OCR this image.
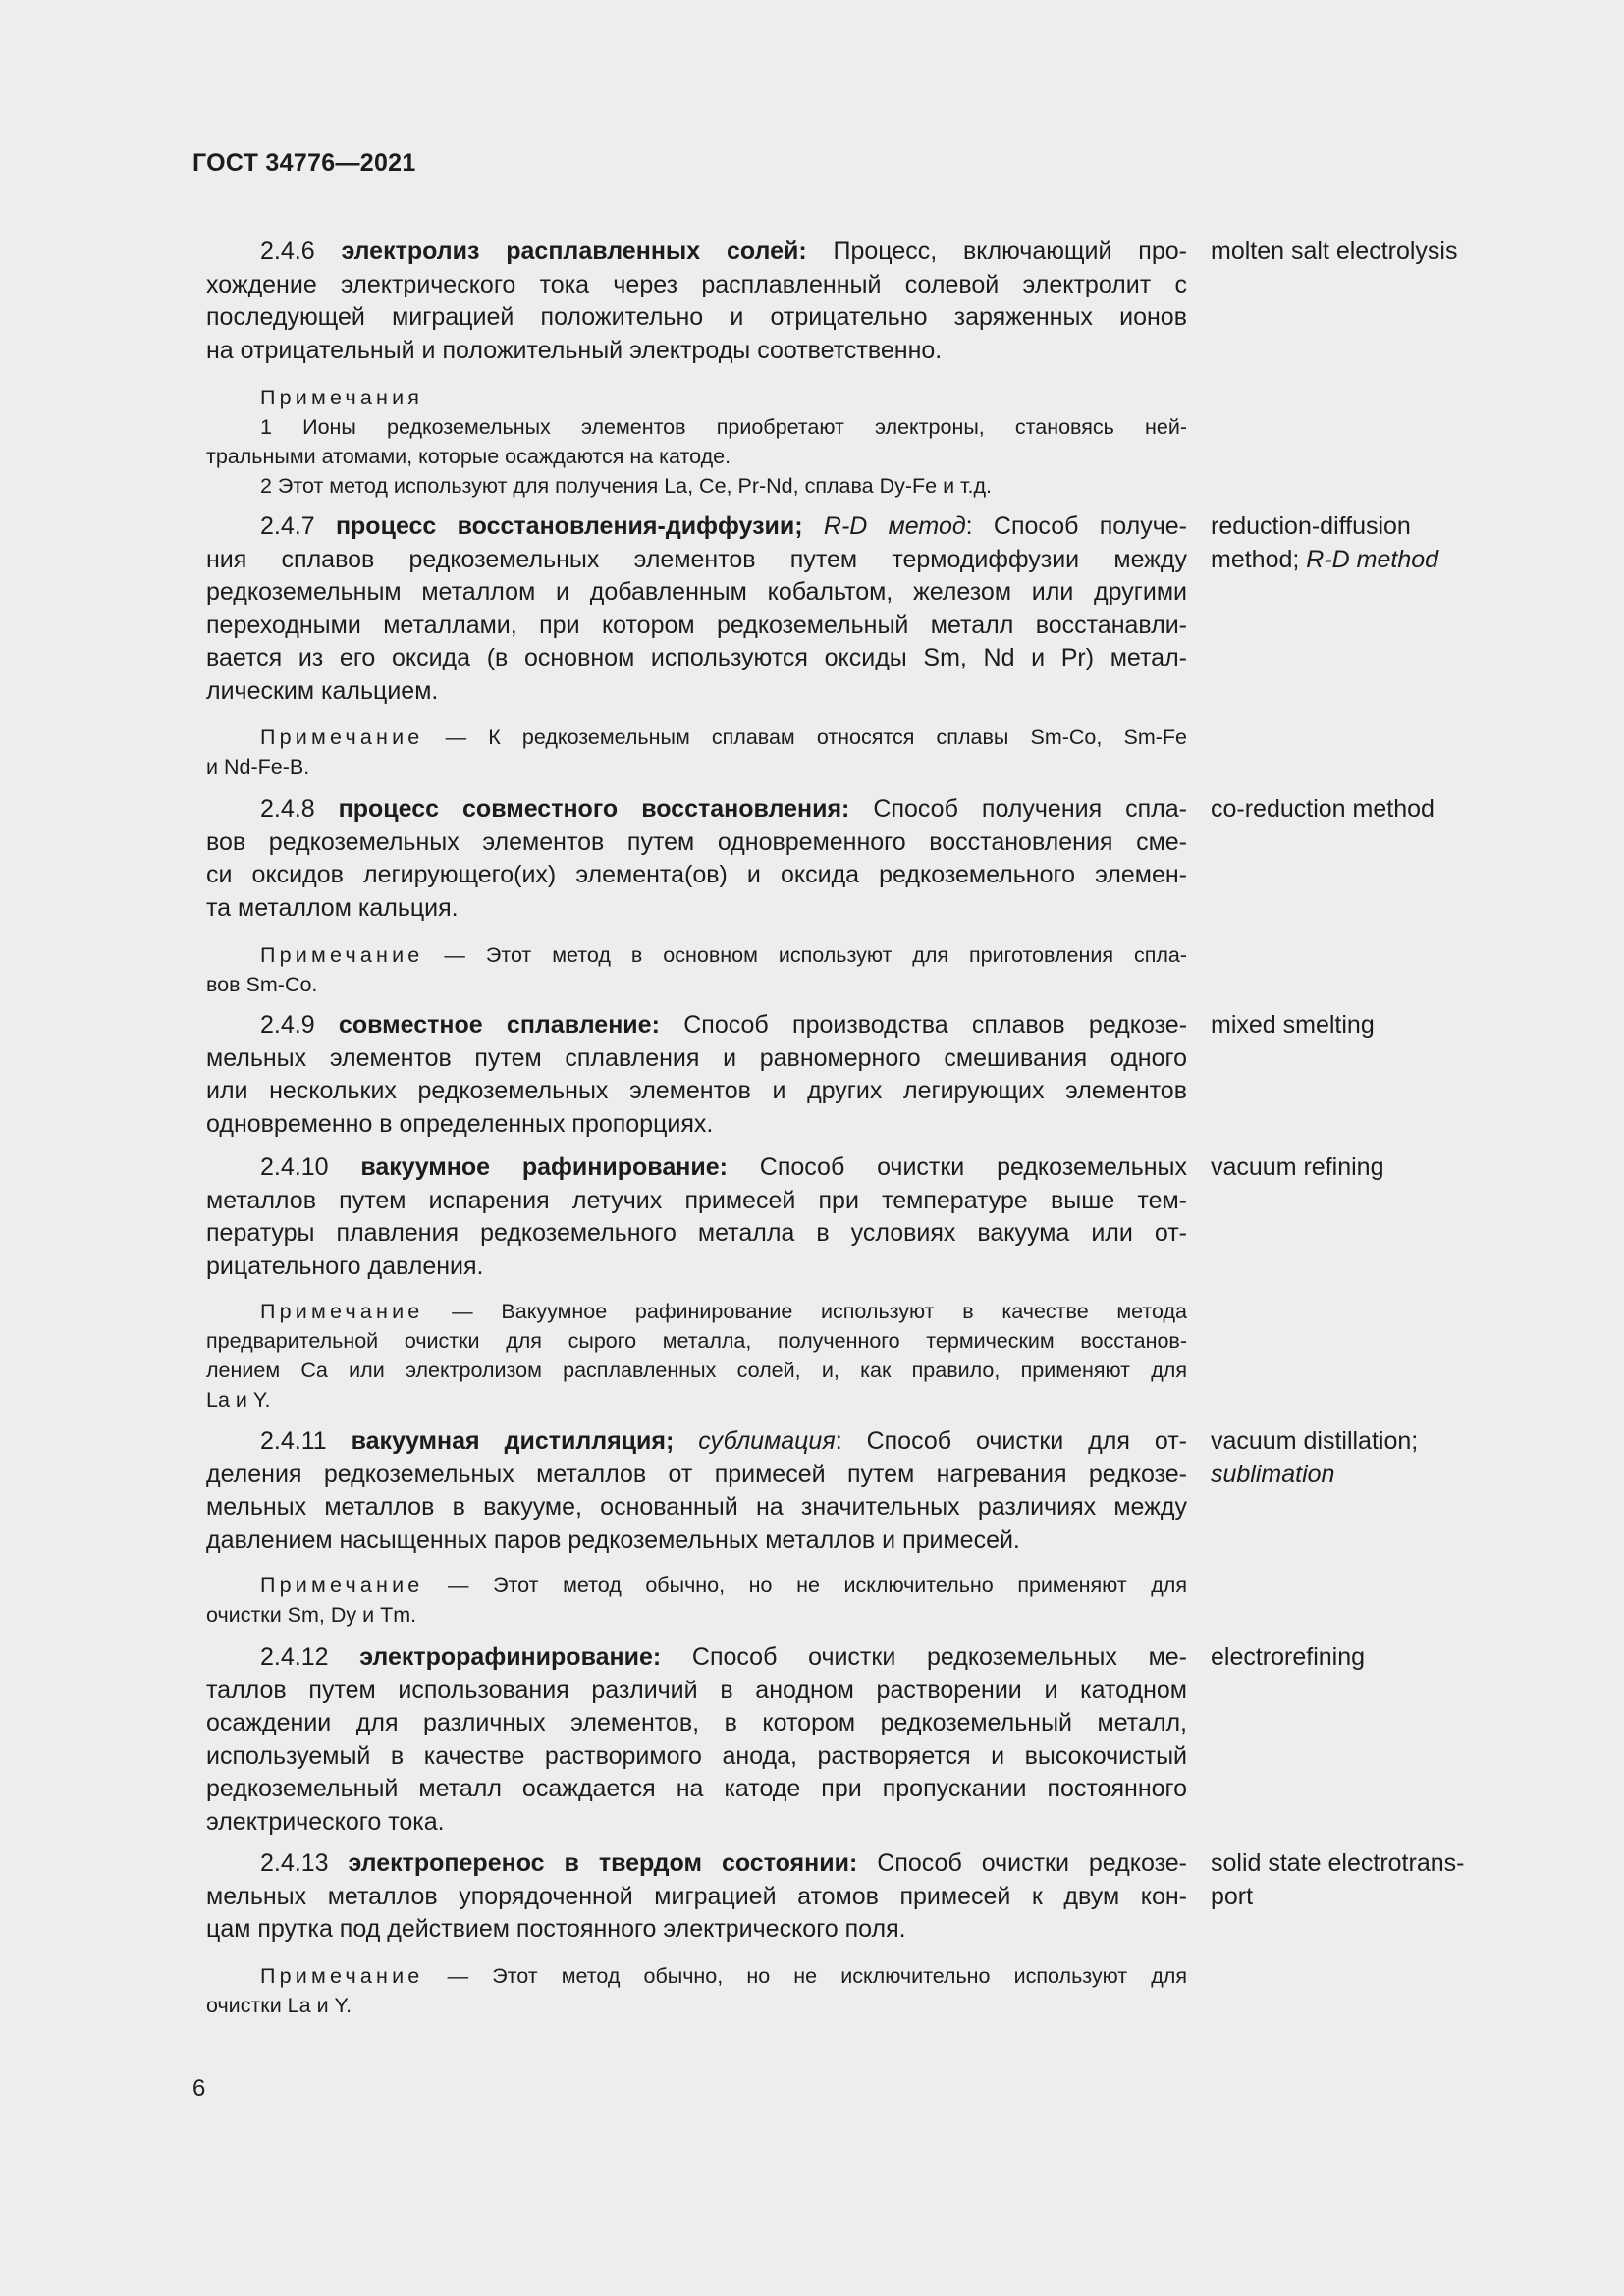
ГОСТ 34776—2021
2.4.6 электролиз расплавленных солей: Процесс, включающий про-
хождение электрического тока через расплавленный солевой электролит с
последующей миграцией положительно и отрицательно заряженных ионов
на отрицательный и положительный электроды соответственно.
molten salt electrolysis
Примечания
1 Ионы редкоземельных элементов приобретают электроны, становясь ней-
тральными атомами, которые осаждаются на катоде.
2 Этот метод используют для получения La, Ce, Pr-Nd, сплава Dy-Fe и т.д.
2.4.7 процесс восстановления-диффузии; R-D метод: Способ получе-
ния сплавов редкоземельных элементов путем термодиффузии между
редкоземельным металлом и добавленным кобальтом, железом или другими
переходными металлами, при котором редкоземельный металл восстанавли-
вается из его оксида (в основном используются оксиды Sm, Nd и Pr) метал-
лическим кальцием.
reduction-diffusion
method; R-D method
Примечание — К редкоземельным сплавам относятся сплавы Sm-Co, Sm-Fe
и Nd-Fe-B.
2.4.8 процесс совместного восстановления: Способ получения спла-
вов редкоземельных элементов путем одновременного восстановления сме-
си оксидов легирующего(их) элемента(ов) и оксида редкоземельного элемен-
та металлом кальция.
co-reduction method
Примечание — Этот метод в основном используют для приготовления спла-
вов Sm-Co.
2.4.9 совместное сплавление: Способ производства сплавов редкозе-
мельных элементов путем сплавления и равномерного смешивания одного
или нескольких редкоземельных элементов и других легирующих элементов
одновременно в определенных пропорциях.
mixed smelting
2.4.10 вакуумное рафинирование: Способ очистки редкоземельных
металлов путем испарения летучих примесей при температуре выше тем-
пературы плавления редкоземельного металла в условиях вакуума или от-
рицательного давления.
vacuum refining
Примечание — Вакуумное рафинирование используют в качестве метода
предварительной очистки для сырого металла, полученного термическим восстанов-
лением Ca или электролизом расплавленных солей, и, как правило, применяют для
La и Y.
2.4.11 вакуумная дистилляция; сублимация: Способ очистки для от-
деления редкоземельных металлов от примесей путем нагревания редкозе-
мельных металлов в вакууме, основанный на значительных различиях между
давлением насыщенных паров редкоземельных металлов и примесей.
vacuum distillation;
sublimation
Примечание — Этот метод обычно, но не исключительно применяют для
очистки Sm, Dy и Tm.
2.4.12 электрорафинирование: Способ очистки редкоземельных ме-
таллов путем использования различий в анодном растворении и катодном
осаждении для различных элементов, в котором редкоземельный металл,
используемый в качестве растворимого анода, растворяется и высокочистый
редкоземельный металл осаждается на катоде при пропускании постоянного
электрического тока.
electrorefining
2.4.13 электроперенос в твердом состоянии: Способ очистки редкозе-
мельных металлов упорядоченной миграцией атомов примесей к двум кон-
цам прутка под действием постоянного электрического поля.
solid state electrotrans-
port
Примечание — Этот метод обычно, но не исключительно используют для
очистки La и Y.
6
